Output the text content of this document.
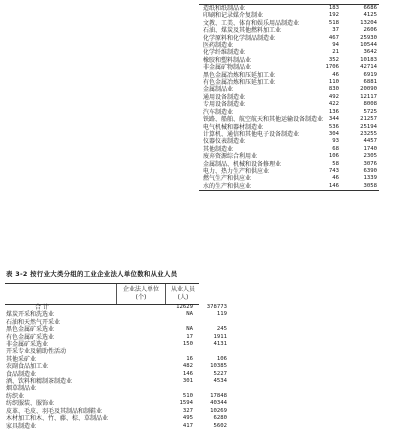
造纸和纸制品业	183	6686
印刷和记录媒介复制业	192	4125
文教、工美、体育和娱乐用品制造业	518	13204
石油、煤炭及其他燃料加工业	37	2606
化学原料和化学制品制造业	467	25930
医药制造业	94	10544
化学纤维制造业	21	3642
橡胶和塑料制品业	352	10183
非金属矿物制品业	1706	42714
黑色金属冶炼和压延加工业	46	6919
有色金属冶炼和压延加工业	110	6881
金属制品业	830	20090
通用设备制造业	492	12117
专用设备制造业	422	8008
汽车制造业	136	5725
铁路、船舶、航空航天和其他运输设备制造业	344	21257
电气机械和器材制造业	536	25194
计算机、通信和其他电子设备制造业	304	23255
仪器仪表制造业	93	4457
其他制造业	68	1740
废弃资源综合利用业	106	2305
金属制品、机械和设备修理业	58	3076
电力、热力生产和供应业	743	6390
燃气生产和供应业	46	1339
水的生产和供应业	146	3058
表 3-2 按行业大类分组的工业企业法人单位数和从业人员
企业法人单位
(个)
从业人员
(人)
合 计	12629	378773
煤炭开采和洗选业	NA	119
石油和天然气开采业		
黑色金属矿采选业	NA	245
有色金属矿采选业	17	1911
非金属矿采选业	150	4131
开采专业及辅助性活动		
其他采矿业	16	106
农副食品加工业	482	10385
食品制造业	146	5227
酒、饮料和精制茶制造业	301	4534
烟草制品业		
纺织业	510	17848
纺织服装、服饰业	1594	40344
皮革、毛皮、羽毛及其制品和制鞋业	327	10269
木材加工和木、竹、藤、棕、草制品业	495	6280
家具制造业	417	5602
